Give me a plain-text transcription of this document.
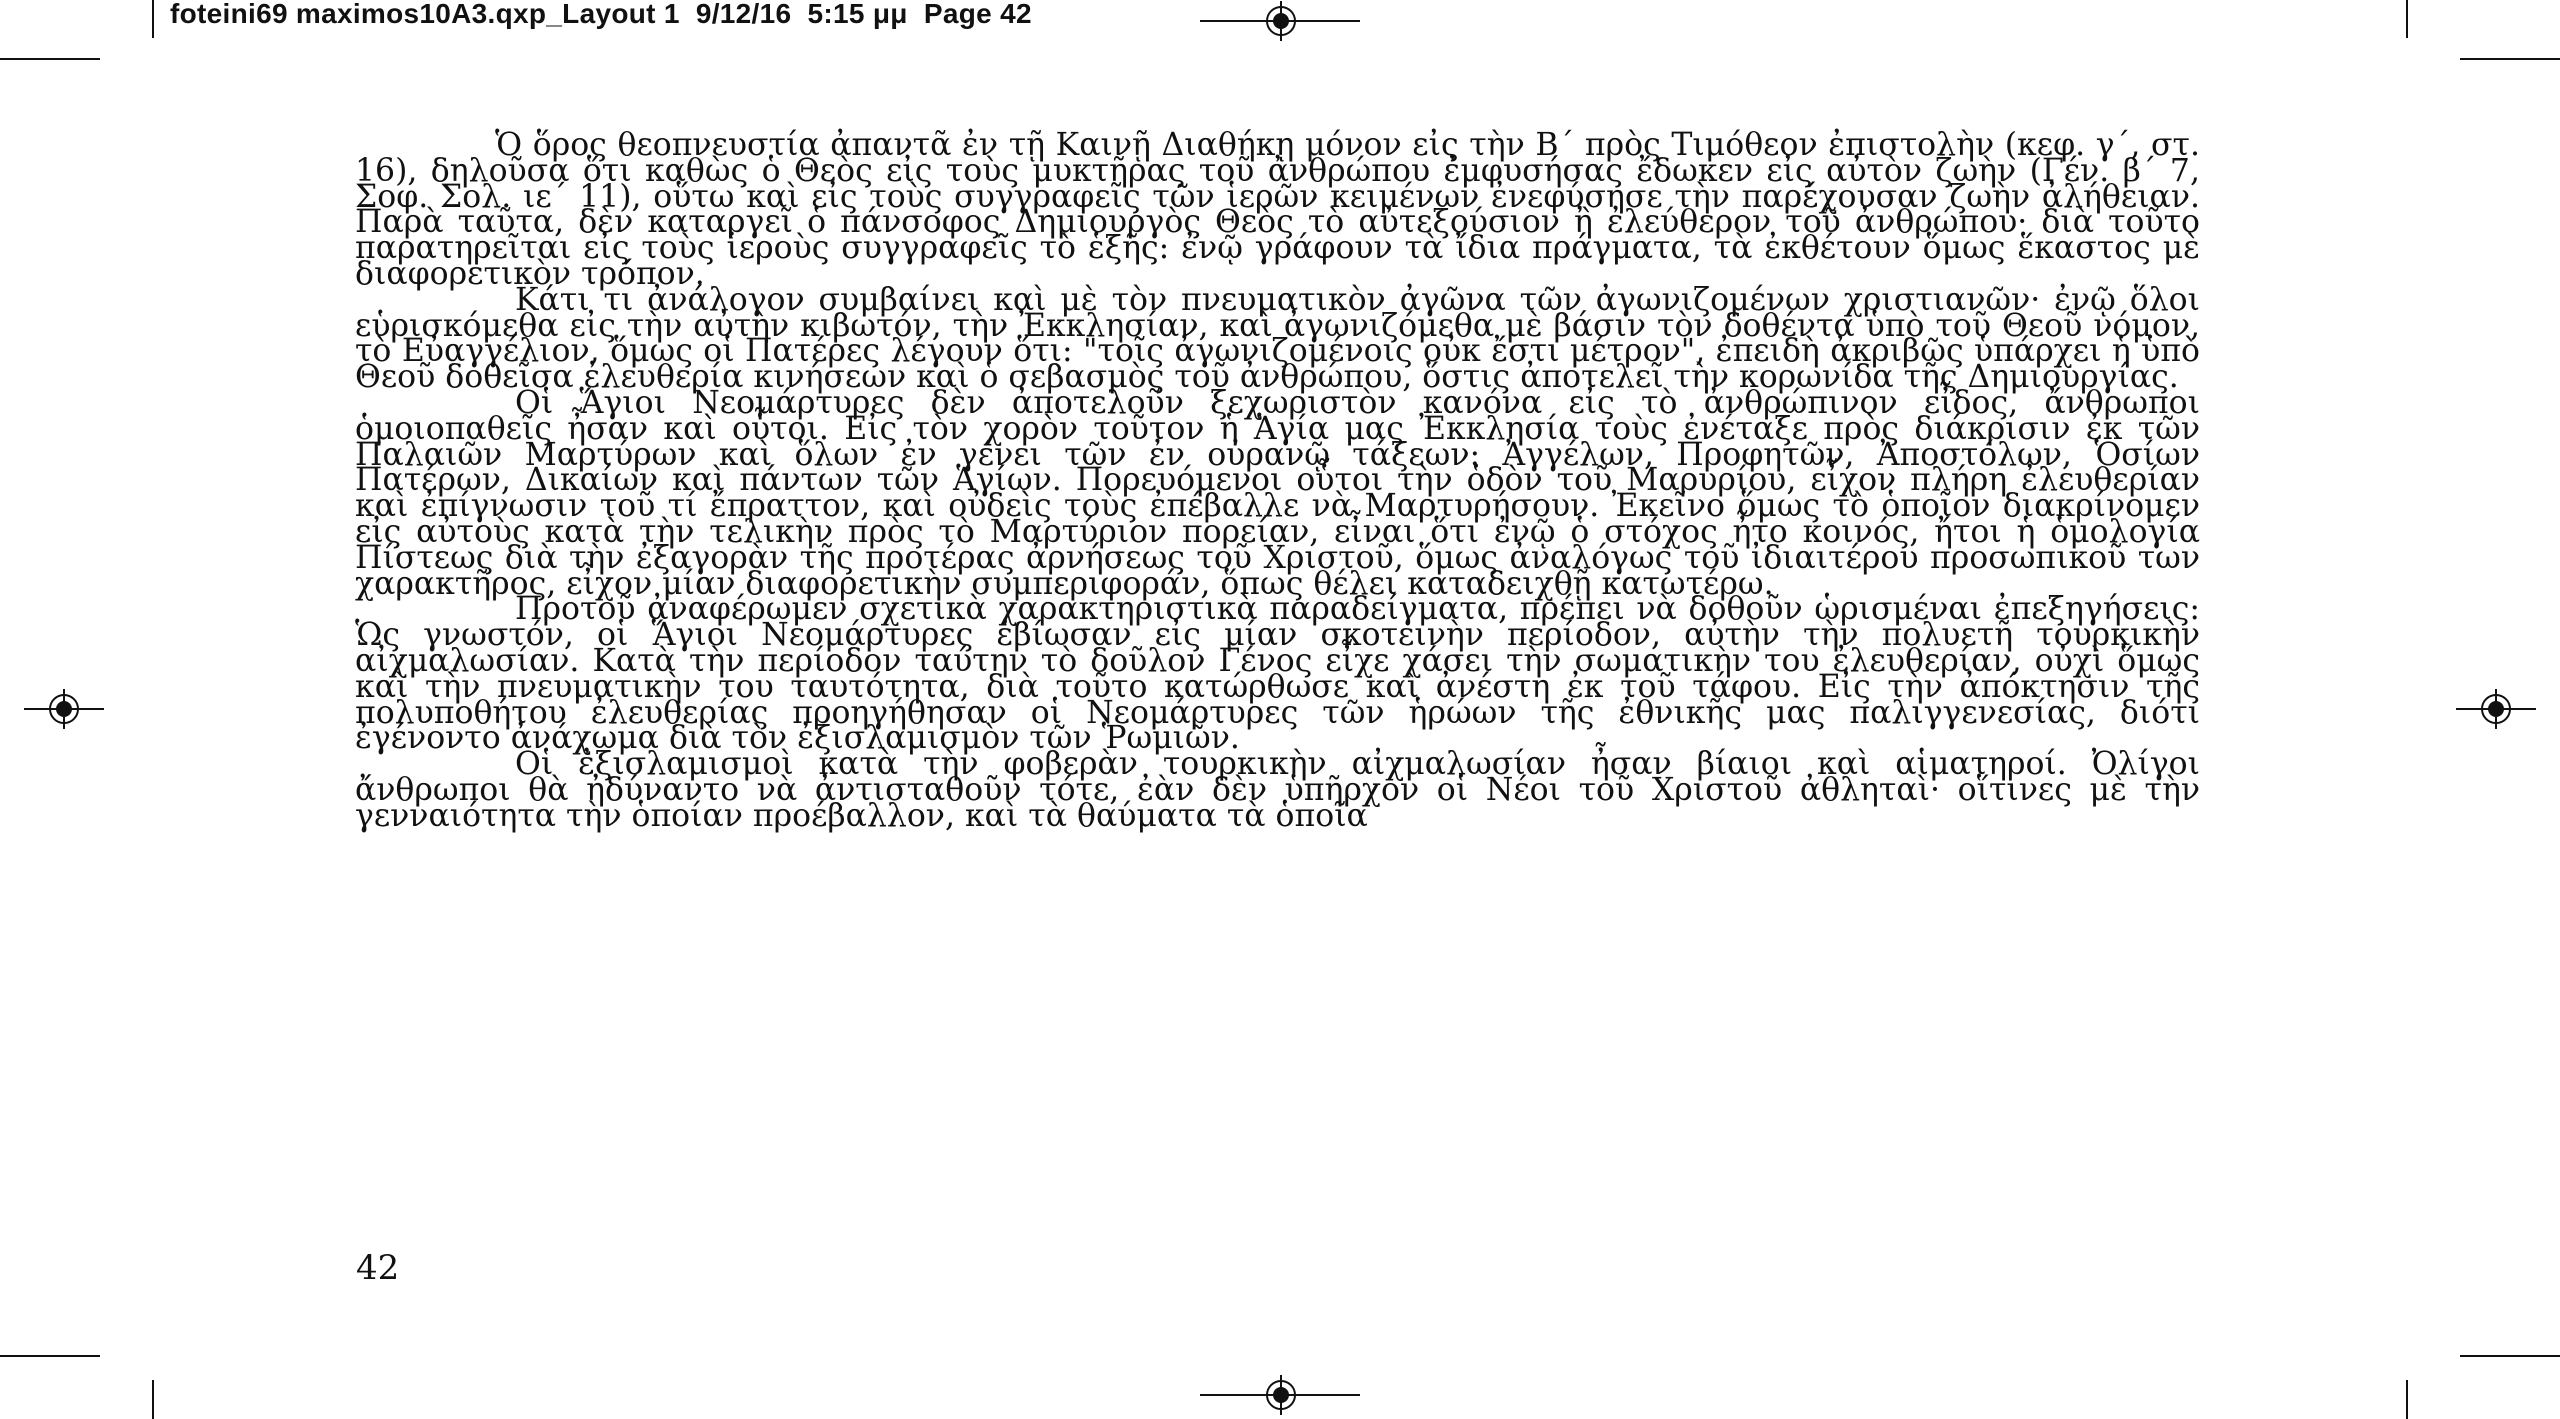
foteini69 maximos10A3.qxp_Layout 1  9/12/16  5:15 μμ  Page 42

Ὁ ὅρος θεοπνευστία ἀπαντᾶ ἐν τῇ Καινῇ Διαθήκῃ μόνον εἰς τὴν Β΄ πρὸς Τιμόθεον ἐπιστολὴν (κεφ. γ΄, στ. 16), δηλοῦσα ὅτι καθὼς ὁ Θεὸς εἰς τοὺς μυκτῆρας τοῦ ἀνθρώπου ἐμφυσήσας ἔδωκεν εἰς αὐτὸν ζωὴν (Γέν. β΄ 7, Σοφ. Σολ. ιε΄ 11), οὕτω καὶ εἰς τοὺς συγγραφεῖς τῶν ἱερῶν κειμένων ἐνεφύσησε τὴν παρέχουσαν ζωὴν ἀλήθειαν. Παρὰ ταῦτα, δὲν καταργεῖ ὁ πάνσοφος Δημιουργὸς Θεὸς τὸ αὐτεξούσιον ἢ ἐλεύθερον τοῦ ἀνθρώπου· διὰ τοῦτο παρατηρεῖται εἰς τοὺς ἱεροὺς συγγραφεῖς τὸ ἑξῆς: ἐνῷ γράφουν τὰ ἴδια πράγματα, τὰ ἐκθέτουν ὅμως ἕκαστος μὲ διαφορετικὸν τρόπον.

Κάτι τι ἀνάλογον συμβαίνει καὶ μὲ τὸν πνευματικὸν ἀγῶνα τῶν ἀγωνιζομένων χριστιανῶν· ἐνῷ ὅλοι εὑρισκόμεθα εἰς τὴν αὐτὴν κιβωτόν, τὴν Ἐκκλησίαν, καὶ ἀγωνιζόμεθα μὲ βάσιν τὸν δοθέντα ὑπὸ τοῦ Θεοῦ νόμον, τὸ Εὐαγγέλιον, ὅμως οἱ Πατέρες λέγουν ὅτι: "τοῖς ἀγωνιζομένοις οὐκ ἔστι μέτρον", ἐπειδὴ ἀκριβῶς ὑπάρχει ἡ ὑπὸ Θεοῦ δοθεῖσα ἐλευθερία κινήσεων καὶ ὁ σεβασμὸς τοῦ ἀνθρώπου, ὅστις ἀποτελεῖ τὴν κορωνίδα τῆς Δημιουργίας.

Οἱ Ἅγιοι Νεομάρτυρες δὲν ἀποτελοῦν ξεχωριστὸν κανόνα εἰς τὸ ἀνθρώπινον εἶδος, ἄνθρωποι ὁμοιοπαθεῖς ἦσαν καὶ οὗτοι. Εἰς τὸν χορὸν τοῦτον ἡ Ἁγία μας Ἐκκλησία τοὺς ἐνέταξε πρὸς διάκρισιν ἐκ τῶν Παλαιῶν Μαρτύρων καὶ ὅλων ἐν γένει τῶν ἐν οὐρανῷ τάξεων: Ἀγγέλων, Προφητῶν, Ἀποστόλων, Ὁσίων Πατέρων, Δικαίων καὶ πάντων τῶν Ἁγίων. Πορευόμενοι οὗτοι τὴν ὁδὸν τοῦ Μαρυρίου, εἶχον πλήρη ἐλευθερίαν καὶ ἐπίγνωσιν τοῦ τί ἔπραττον, καὶ οὐδεὶς τοὺς ἐπέβαλλε νὰ Μαρτυρήσουν. Ἐκεῖνο ὅμως τὸ ὁποῖον διακρίνομεν εἰς αὐτοὺς κατὰ τὴν τελικὴν πρὸς τὸ Μαρτύριον πορείαν, εἶναι ὅτι ἐνῷ ὁ στόχος ἦτο κοινός, ἤτοι ἡ ὁμολογία Πίστεως διὰ τὴν ἐξαγορὰν τῆς προτέρας ἀρνήσεως τοῦ Χριστοῦ, ὅμως ἀναλόγως τοῦ ἰδιαιτέρου προσωπικοῦ των χαρακτῆρος, εἶχον μίαν διαφορετικὴν συμπεριφοράν, ὅπως θέλει καταδειχθῇ κατωτέρω.

Προτοῦ ἀναφέρωμεν σχετικὰ χαρακτηριστικὰ παραδείγματα, πρέπει νὰ δοθοῦν ὡρισμέναι ἐπεξηγήσεις: Ὡς γνωστόν, οἱ Ἅγιοι Νεομάρτυρες ἐβίωσαν εἰς μίαν σκοτεινὴν περίοδον, αὐτὴν τὴν πολυετῆ τουρκικὴν αἰχμαλωσίαν. Κατὰ τὴν περίοδον ταύτην τὸ δοῦλον Γένος εἶχε χάσει τὴν σωματικὴν του ἐλευθερίαν, οὐχὶ ὅμως καὶ τὴν πνευματικὴν του ταυτότητα, διὰ τοῦτο κατώρθωσε καὶ ἀνέστη ἐκ τοῦ τάφου. Εἰς τὴν ἀπόκτησιν τῆς πολυποθήτου ἐλευθερίας προηγήθησαν οἱ Νεομάρτυρες τῶν ἡρώων τῆς ἐθνικῆς μας παλιγγενεσίας, διότι ἐγένοντο ἀνάχωμα διὰ τὸν ἐξισλαμισμὸν τῶν Ῥωμιῶν.

Οἱ ἐξισλαμισμοὶ κατὰ τὴν φοβερὰν τουρκικὴν αἰχμαλωσίαν ἦσαν βίαιοι καὶ αἱματηροί. Ὀλίγοι ἄνθρωποι θὰ ἠδύναντο νὰ ἀντισταθοῦν τότε, ἐὰν δὲν ὑπῆρχον οἱ Νέοι τοῦ Χριστοῦ ἀθληταὶ· οἵτινες μὲ τὴν γενναιότητα τὴν ὁποίαν προέβαλλον, καὶ τὰ θαύματα τὰ ὁποῖα

42
